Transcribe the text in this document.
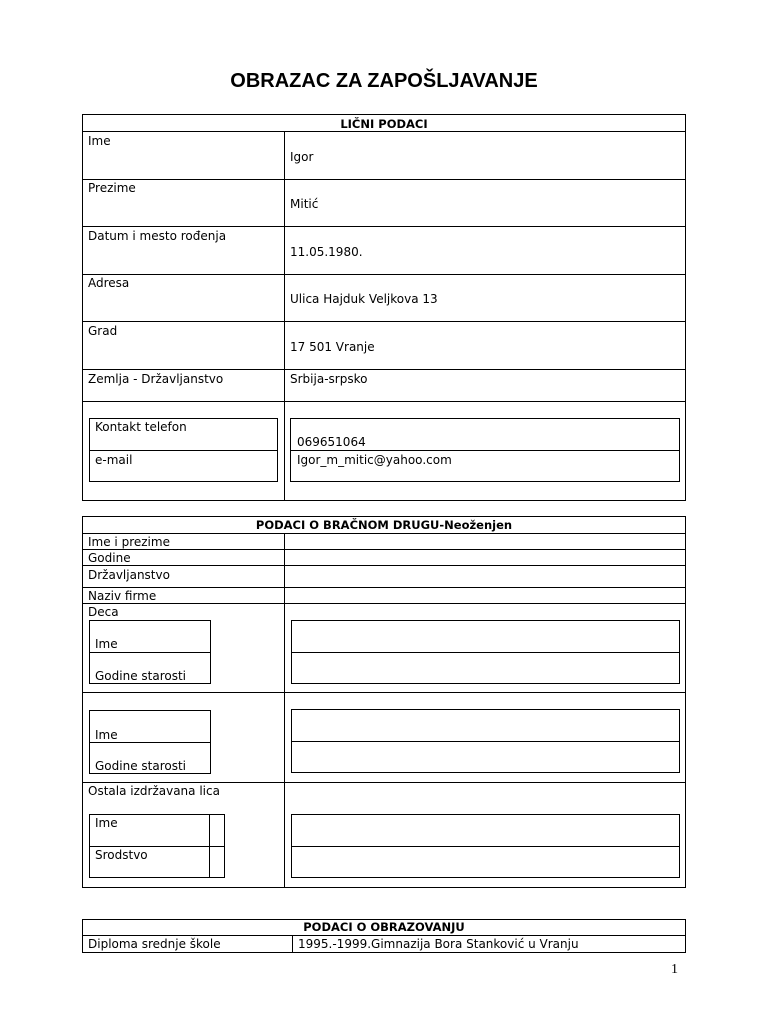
OBRAZAC ZA ZAPOŠLJAVANJE
LIČNI PODACI
Ime
Igor
Prezime
Mitić
Datum i mesto rođenja
11.05.1980.
Adresa
Ulica Hajduk Veljkova 13
Grad
17 501 Vranje
Zemlja - Državljanstvo	Srbija-srpsko
Kontakt telefon
e-mail
069651064
Igor_m_mitic@yahoo.com
PODACI O BRAČNOM DRUGU-Neoženjen
Ime i prezime
Godine
Državljanstvo
Naziv firme
Deca
Ime
Godine starosti
Ime
Godine starosti
Ostala izdržavana lica
Ime
Srodstvo
PODACI O OBRAZOVANJU
Diploma srednje škole	1995.-1999.Gimnazija Bora Stanković u Vranju
1
